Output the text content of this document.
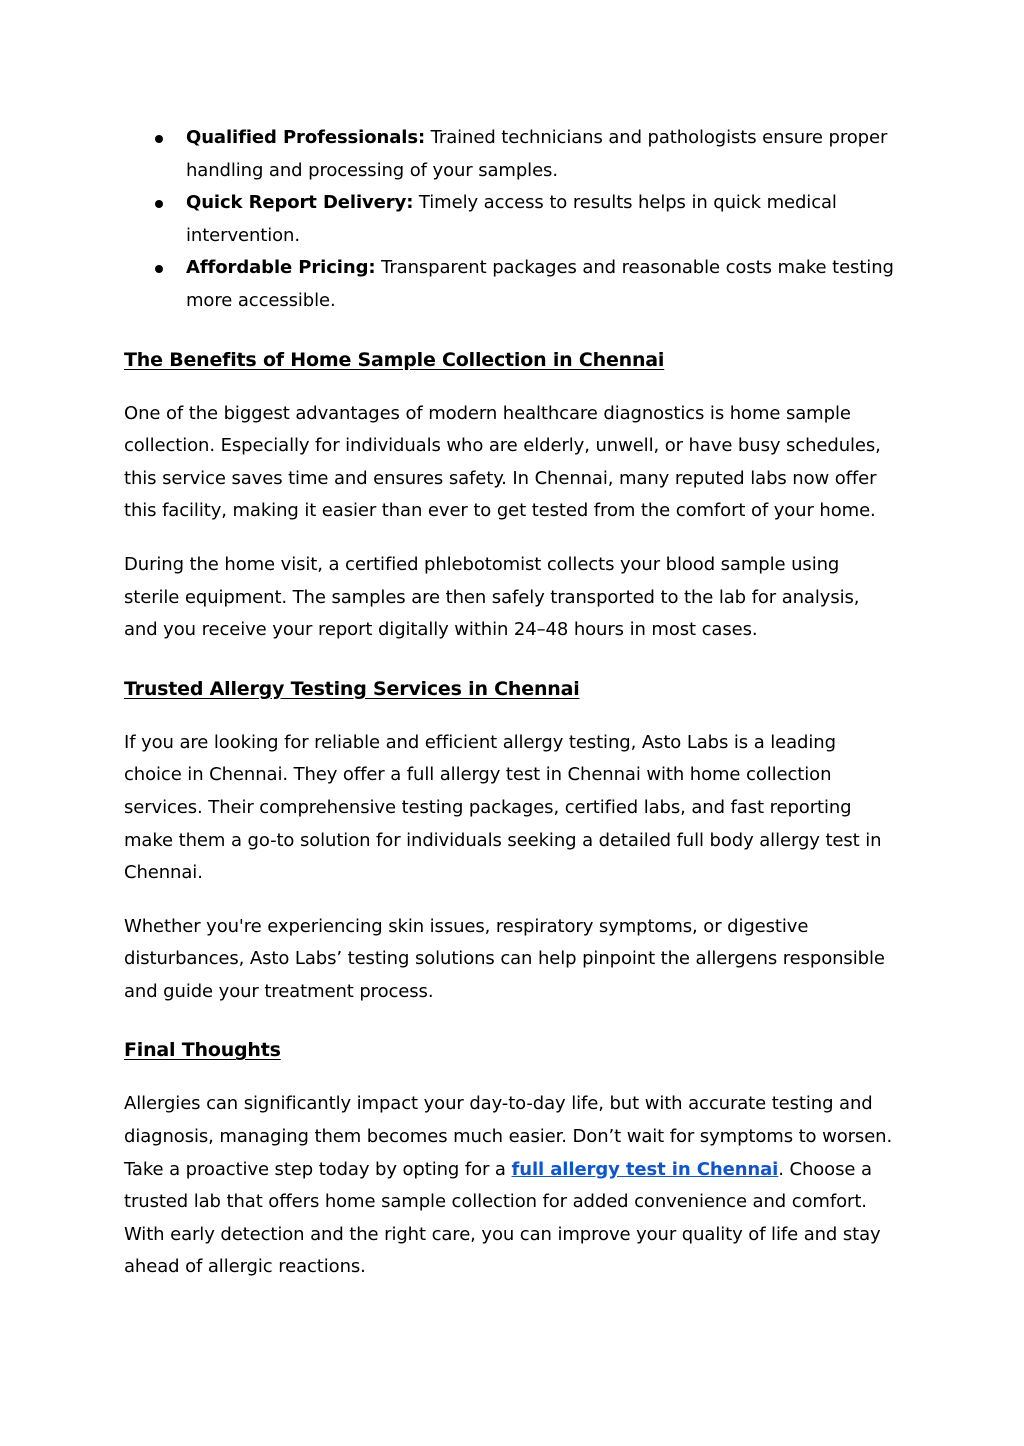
Qualified Professionals: Trained technicians and pathologists ensure proper handling and processing of your samples.
Quick Report Delivery: Timely access to results helps in quick medical intervention.
Affordable Pricing: Transparent packages and reasonable costs make testing more accessible.
The Benefits of Home Sample Collection in Chennai

One of the biggest advantages of modern healthcare diagnostics is home sample collection. Especially for individuals who are elderly, unwell, or have busy schedules, this service saves time and ensures safety. In Chennai, many reputed labs now offer this facility, making it easier than ever to get tested from the comfort of your home.

During the home visit, a certified phlebotomist collects your blood sample using sterile equipment. The samples are then safely transported to the lab for analysis, and you receive your report digitally within 24–48 hours in most cases.

Trusted Allergy Testing Services in Chennai

If you are looking for reliable and efficient allergy testing, Asto Labs is a leading choice in Chennai. They offer a full allergy test in Chennai with home collection services. Their comprehensive testing packages, certified labs, and fast reporting make them a go-to solution for individuals seeking a detailed full body allergy test in Chennai.

Whether you're experiencing skin issues, respiratory symptoms, or digestive disturbances, Asto Labs’ testing solutions can help pinpoint the allergens responsible and guide your treatment process.

Final Thoughts

Allergies can significantly impact your day-to-day life, but with accurate testing and diagnosis, managing them becomes much easier. Don’t wait for symptoms to worsen. Take a proactive step today by opting for a full allergy test in Chennai. Choose a trusted lab that offers home sample collection for added convenience and comfort. With early detection and the right care, you can improve your quality of life and stay ahead of allergic reactions.
